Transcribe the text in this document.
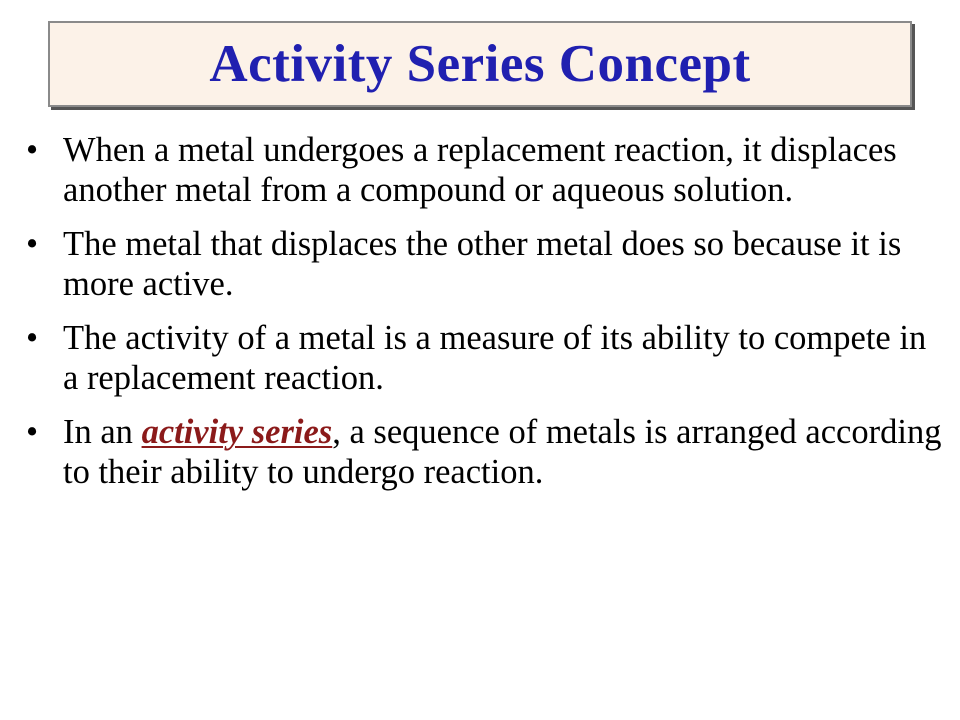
Activity Series Concept
• When a metal undergoes a replacement reaction, it displaces another metal from a compound or aqueous solution.
• The metal that displaces the other metal does so because it is more active.
• The activity of a metal is a measure of its ability to compete in a replacement reaction.
• In an activity series, a sequence of metals is arranged according to their ability to undergo reaction.
